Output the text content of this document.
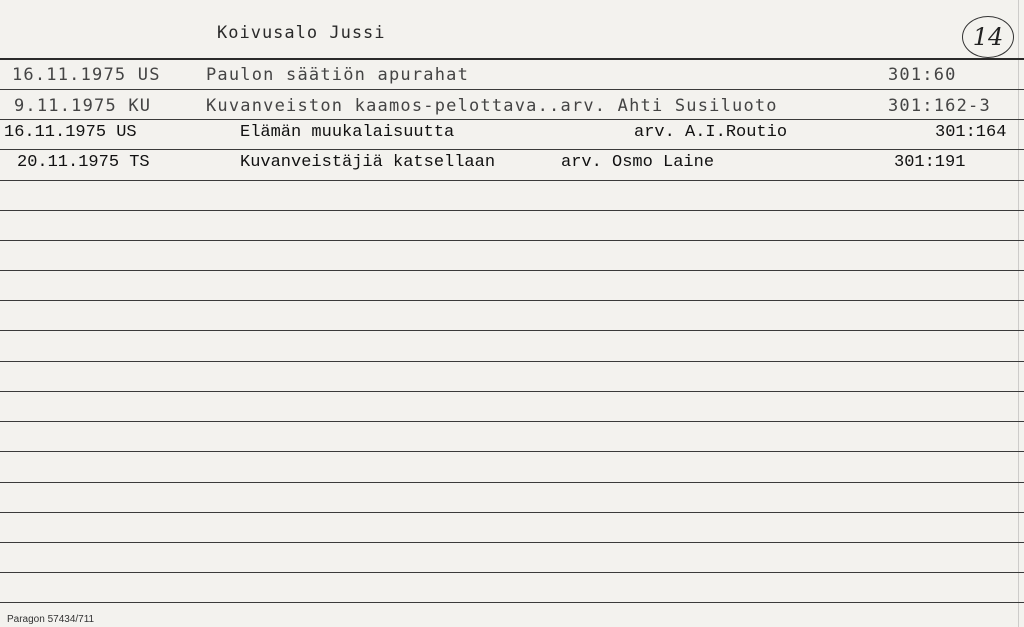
Koivusalo Jussi	14
16.11.1975 US	Paulon säätiön apurahat	301:60
9.11.1975 KU	Kuvanveiston kaamos-pelottava..arv. Ahti Susiluoto	301:162-3
16.11.1975 US	Elämän muukalaisuutta	arv. A.I.Routio	301:164
20.11.1975 TS	Kuvanveistäjiä katsellaan	arv. Osmo Laine	301:191
Paragon 57434/711
